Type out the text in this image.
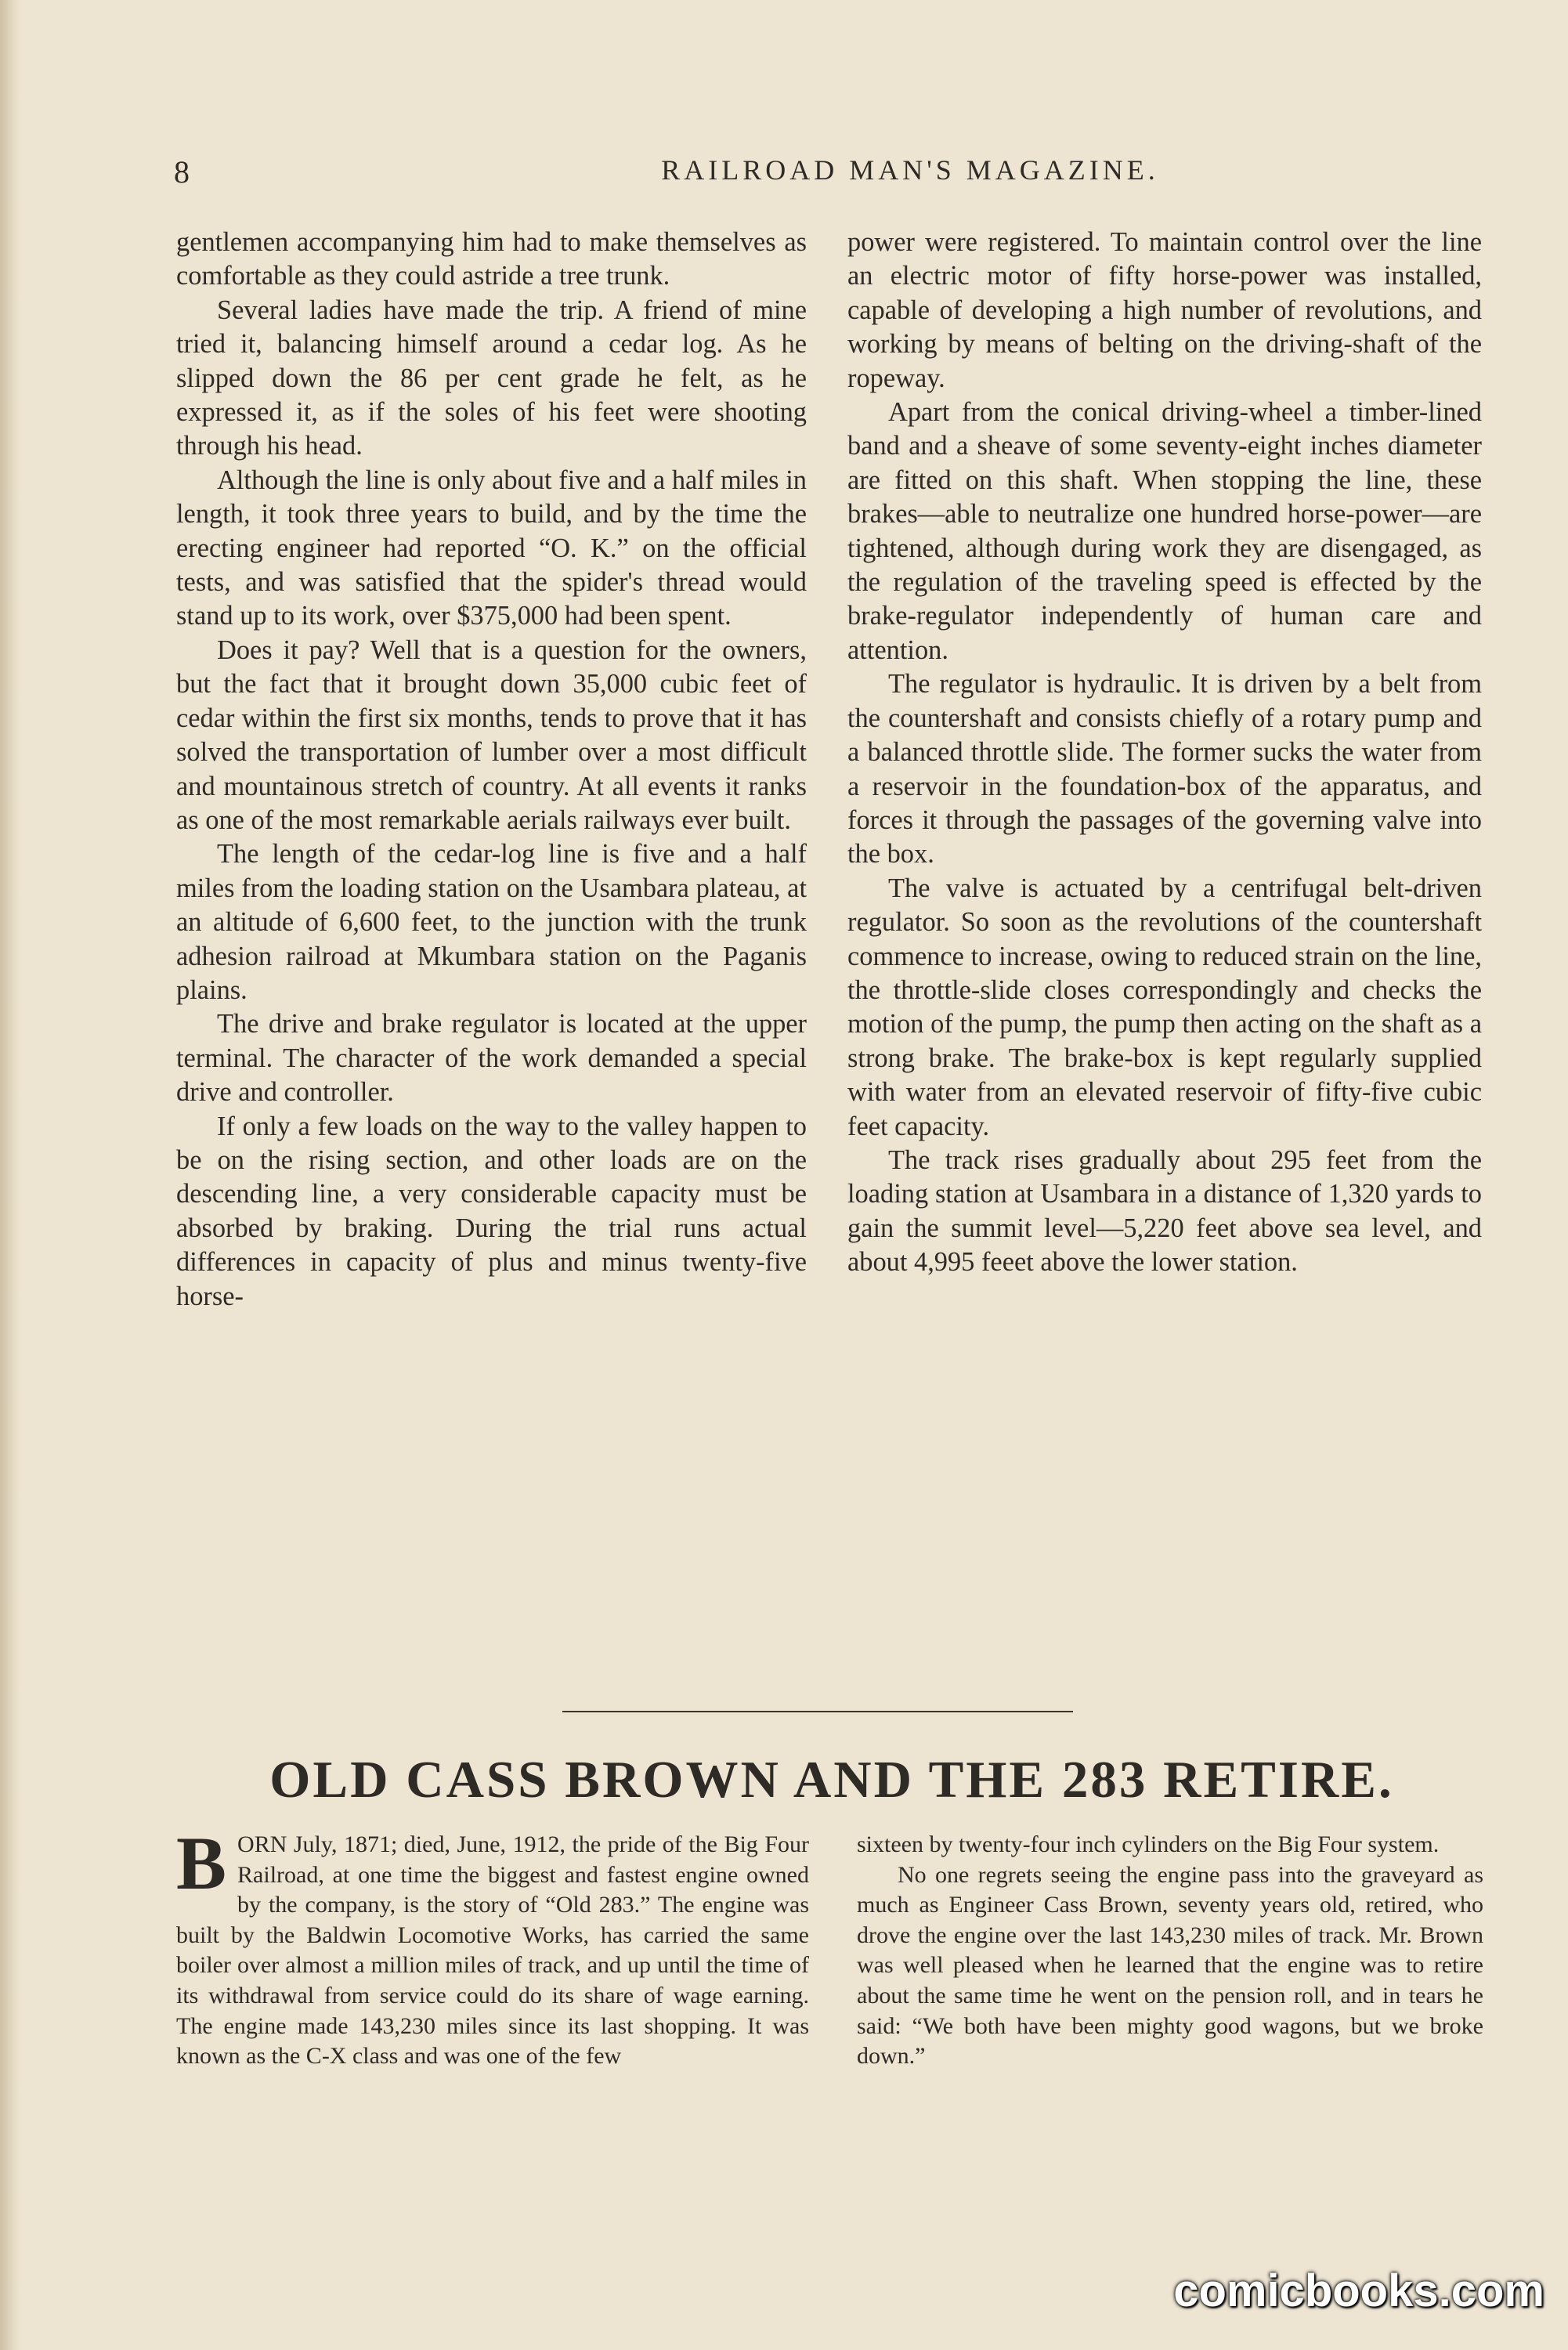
8	RAILROAD MAN'S MAGAZINE.

gentlemen accompanying him had to make themselves as comfortable as they could astride a tree trunk.

Several ladies have made the trip. A friend of mine tried it, balancing himself around a cedar log. As he slipped down the 86 per cent grade he felt, as he expressed it, as if the soles of his feet were shooting through his head.

Although the line is only about five and a half miles in length, it took three years to build, and by the time the erecting engineer had reported “O. K.” on the official tests, and was satisfied that the spider's thread would stand up to its work, over $375,000 had been spent.

Does it pay? Well that is a question for the owners, but the fact that it brought down 35,000 cubic feet of cedar within the first six months, tends to prove that it has solved the transportation of lumber over a most difficult and mountainous stretch of country. At all events it ranks as one of the most remarkable aerials railways ever built.

The length of the cedar-log line is five and a half miles from the loading station on the Usambara plateau, at an altitude of 6,600 feet, to the junction with the trunk adhesion railroad at Mkumbara station on the Paganis plains.

The drive and brake regulator is located at the upper terminal. The character of the work demanded a special drive and controller.

If only a few loads on the way to the valley happen to be on the rising section, and other loads are on the descending line, a very considerable capacity must be absorbed by braking. During the trial runs actual differences in capacity of plus and minus twenty-five horse-

power were registered. To maintain control over the line an electric motor of fifty horse-power was installed, capable of developing a high number of revolutions, and working by means of belting on the driving-shaft of the ropeway.

Apart from the conical driving-wheel a timber-lined band and a sheave of some seventy-eight inches diameter are fitted on this shaft. When stopping the line, these brakes—able to neutralize one hundred horse-power—are tightened, although during work they are disengaged, as the regulation of the traveling speed is effected by the brake-regulator independently of human care and attention.

The regulator is hydraulic. It is driven by a belt from the countershaft and consists chiefly of a rotary pump and a balanced throttle slide. The former sucks the water from a reservoir in the foundation-box of the apparatus, and forces it through the passages of the governing valve into the box.

The valve is actuated by a centrifugal belt-driven regulator. So soon as the revolutions of the countershaft commence to increase, owing to reduced strain on the line, the throttle-slide closes correspondingly and checks the motion of the pump, the pump then acting on the shaft as a strong brake. The brake-box is kept regularly supplied with water from an elevated reservoir of fifty-five cubic feet capacity.

The track rises gradually about 295 feet from the loading station at Usambara in a distance of 1,320 yards to gain the summit level—5,220 feet above sea level, and about 4,995 feeet above the lower station.

OLD CASS BROWN AND THE 283 RETIRE.

BORN July, 1871; died, June, 1912, the pride of the Big Four Railroad, at one time the biggest and fastest engine owned by the company, is the story of “Old 283.” The engine was built by the Baldwin Locomotive Works, has carried the same boiler over almost a million miles of track, and up until the time of its withdrawal from service could do its share of wage earning. The engine made 143,230 miles since its last shopping. It was known as the C-X class and was one of the few

sixteen by twenty-four inch cylinders on the Big Four system.

No one regrets seeing the engine pass into the graveyard as much as Engineer Cass Brown, seventy years old, retired, who drove the engine over the last 143,230 miles of track. Mr. Brown was well pleased when he learned that the engine was to retire about the same time he went on the pension roll, and in tears he said: “We both have been mighty good wagons, but we broke down.”

comicbooks.com
